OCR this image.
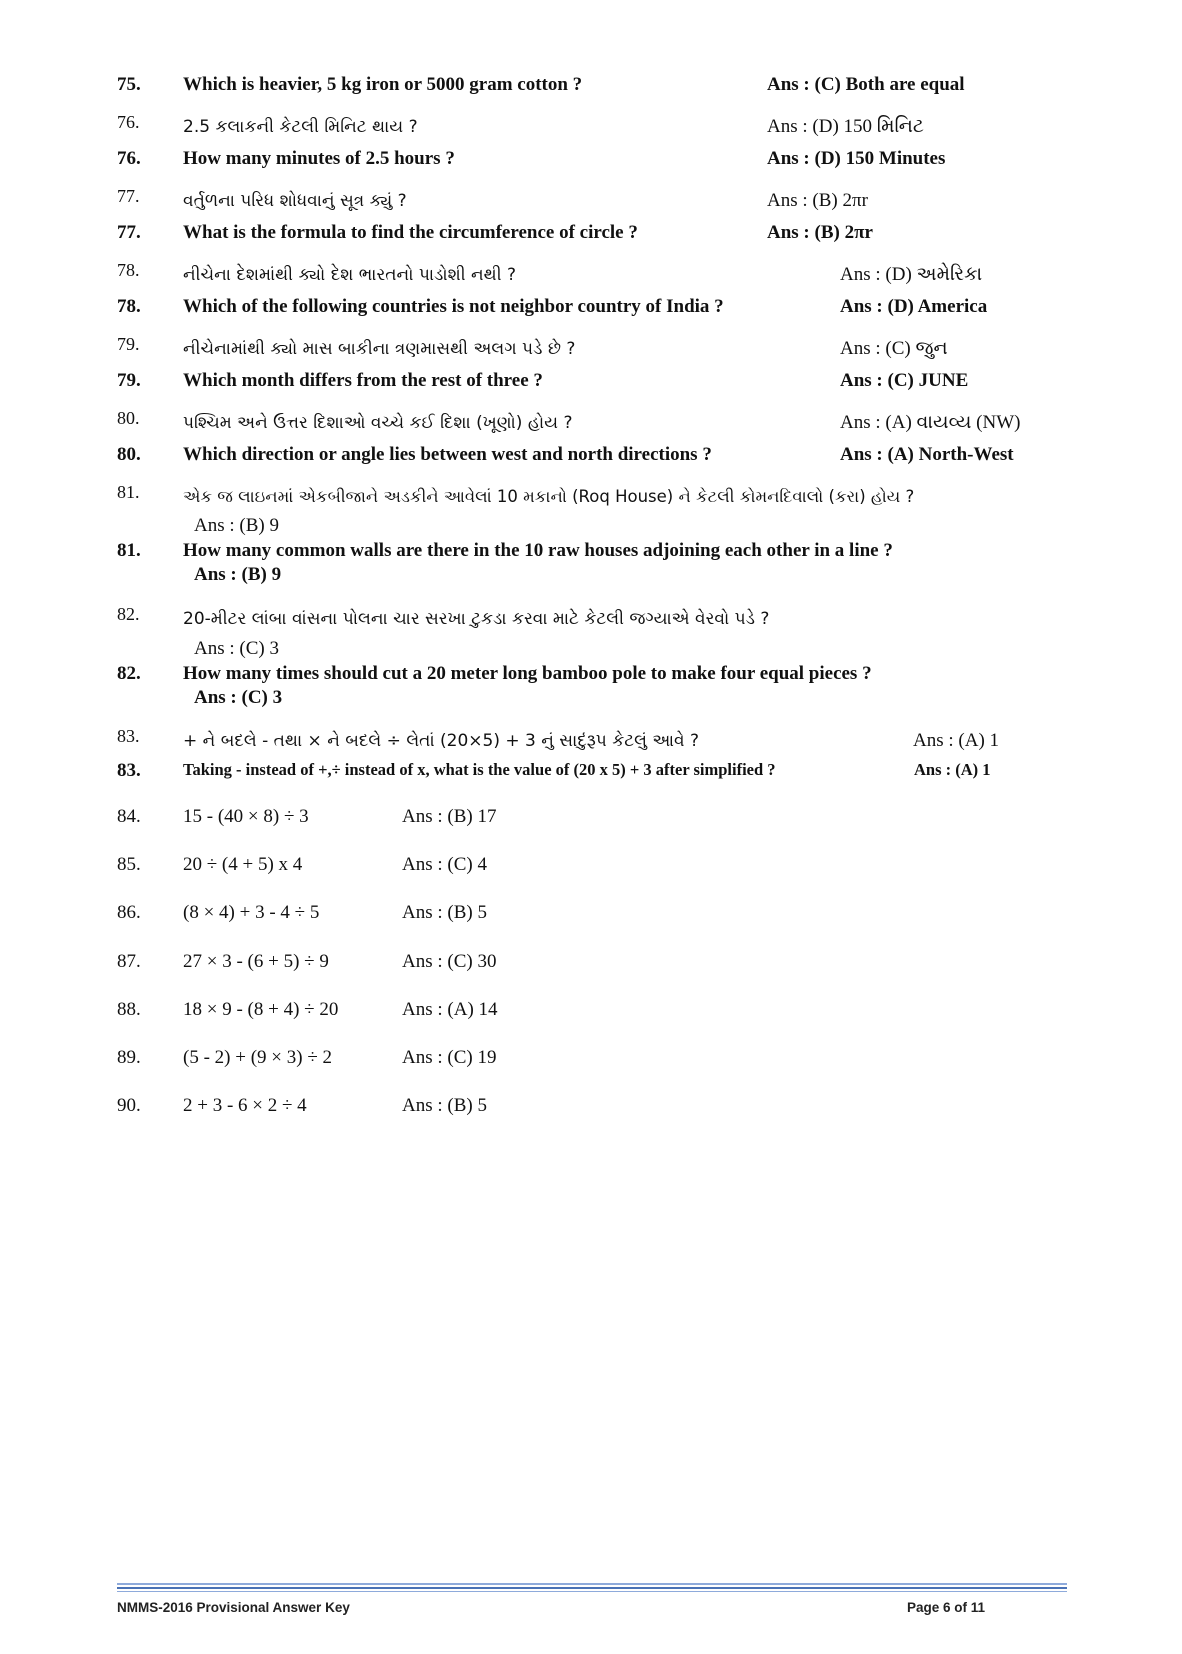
75. Which is heavier, 5 kg iron or 5000 gram cotton ?	Ans : (C) Both are equal
76.	2.5 કલાકની કેટલી મિનિટ થાય ?	Ans : (D) 150 મિનિટ
76. How many minutes of 2.5 hours ?	Ans : (D) 150 Minutes
77.	વર્તુળના પરિધ શોધવાનું સૂત્ર ક્યું ?	Ans : (B) 2πr
77. What is the formula to find the circumference of circle ?	Ans : (B) 2πr
78.	નીચેના દેશમાંથી ક્યો દેશ ભારતનો પાડોશી નથી ?	Ans : (D) અમેરિકા
78. Which of the following countries is not neighbor country of India ?	Ans : (D) America
79.	નીચેનામાંથી ક્યો માસ બાકીના ત્રણમાસથી અલગ પડે છે ?	Ans : (C) જુન
79. Which month differs from the rest of three ?	Ans : (C) JUNE
80.	પશ્ચિમ અને ઉત્તર દિશાઓ વચ્ચે કઈ દિશા (ખૂણો) હોય ?	Ans : (A) વાયવ્ય (NW)
80. Which direction or angle lies between west and north directions ?	Ans : (A) North-West
81.	એક જ લાઇનમાં એકબીજાને અડકીને આવેલાં 10 મકાનો (Roq House) ને કેટલી કોમનદિવાલો (કરા) હોય ?
Ans : (B) 9
81. How many common walls are there in the 10 raw houses adjoining each other in a line ?
Ans : (B) 9
82.	20-મીટર લાંબા વાંસના પોલના ચાર સરખા ટુકડા કરવા માટે કેટલી જગ્યાએ વેરવો પડે ?
Ans : (C) 3
82. How many times should cut a 20 meter long bamboo pole to make four equal pieces ?
Ans : (C) 3
83.	+ ને બદલે - તથા × ને બદલે ÷ લેતાં (20×5) + 3 નું સાદુંરૂપ કેટલું આવે ?	Ans : (A) 1
83.	Taking - instead of +,÷ instead of x, what is the value of (20 x 5) + 3 after simplified ?	Ans : (A) 1
84. 15 - (40 × 8) ÷ 3	Ans : (B) 17
85. 20 ÷ (4 + 5) x 4	Ans : (C) 4
86. (8 × 4) + 3 - 4 ÷ 5	Ans : (B) 5
87. 27 × 3 - (6 + 5) ÷ 9	Ans : (C) 30
88. 18 × 9 - (8 + 4) ÷ 20	Ans : (A) 14
89. (5 - 2) + (9 × 3) ÷ 2	Ans : (C) 19
90. 2 + 3 - 6 × 2 ÷ 4	Ans : (B) 5
NMMS-2016 Provisional Answer Key	Page 6 of 11
